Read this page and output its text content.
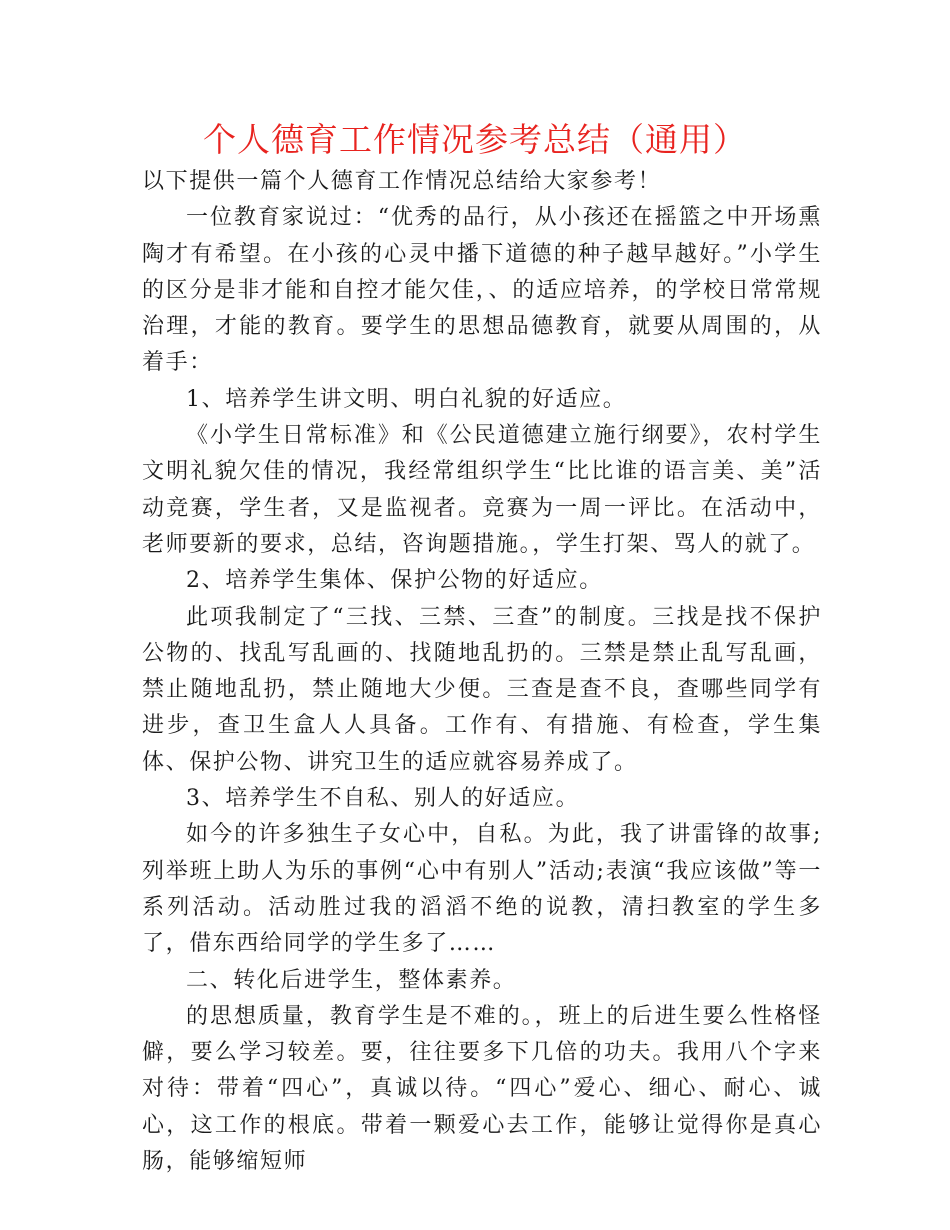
个人德育工作情况参考总结（通用）

以下提供一篇个人德育工作情况总结给大家参考！

一位教育家说过：“优秀的品行，从小孩还在摇篮之中开场熏陶才有希望。在小孩的心灵中播下道德的种子越早越好。”小学生的区分是非才能和自控才能欠佳，、的适应培养，的学校日常常规治理，才能的教育。要学生的思想品德教育，就要从周围的，从着手：

1、培养学生讲文明、明白礼貌的好适应。

《小学生日常标准》和《公民道德建立施行纲要》，农村学生文明礼貌欠佳的情况，我经常组织学生“比比谁的语言美、美”活动竞赛，学生者，又是监视者。竞赛为一周一评比。在活动中，老师要新的要求，总结，咨询题措施。，学生打架、骂人的就了。

2、培养学生集体、保护公物的好适应。

此项我制定了“三找、三禁、三查”的制度。三找是找不保护公物的、找乱写乱画的、找随地乱扔的。三禁是禁止乱写乱画，禁止随地乱扔，禁止随地大少便。三查是查不良，查哪些同学有进步，查卫生盒人人具备。工作有、有措施、有检查，学生集体、保护公物、讲究卫生的适应就容易养成了。

3、培养学生不自私、别人的好适应。

如今的许多独生子女心中，自私。为此，我了讲雷锋的故事;列举班上助人为乐的事例“心中有别人”活动;表演“我应该做”等一系列活动。活动胜过我的滔滔不绝的说教，清扫教室的学生多了，借东西给同学的学生多了……

二、转化后进学生，整体素养。

的思想质量，教育学生是不难的。，班上的后进生要么性格怪僻，要么学习较差。要，往往要多下几倍的功夫。我用八个字来对待：带着“四心”，真诚以待。“四心”爱心、细心、耐心、诚心，这工作的根底。带着一颗爱心去工作，能够让觉得你是真心肠，能够缩短师
